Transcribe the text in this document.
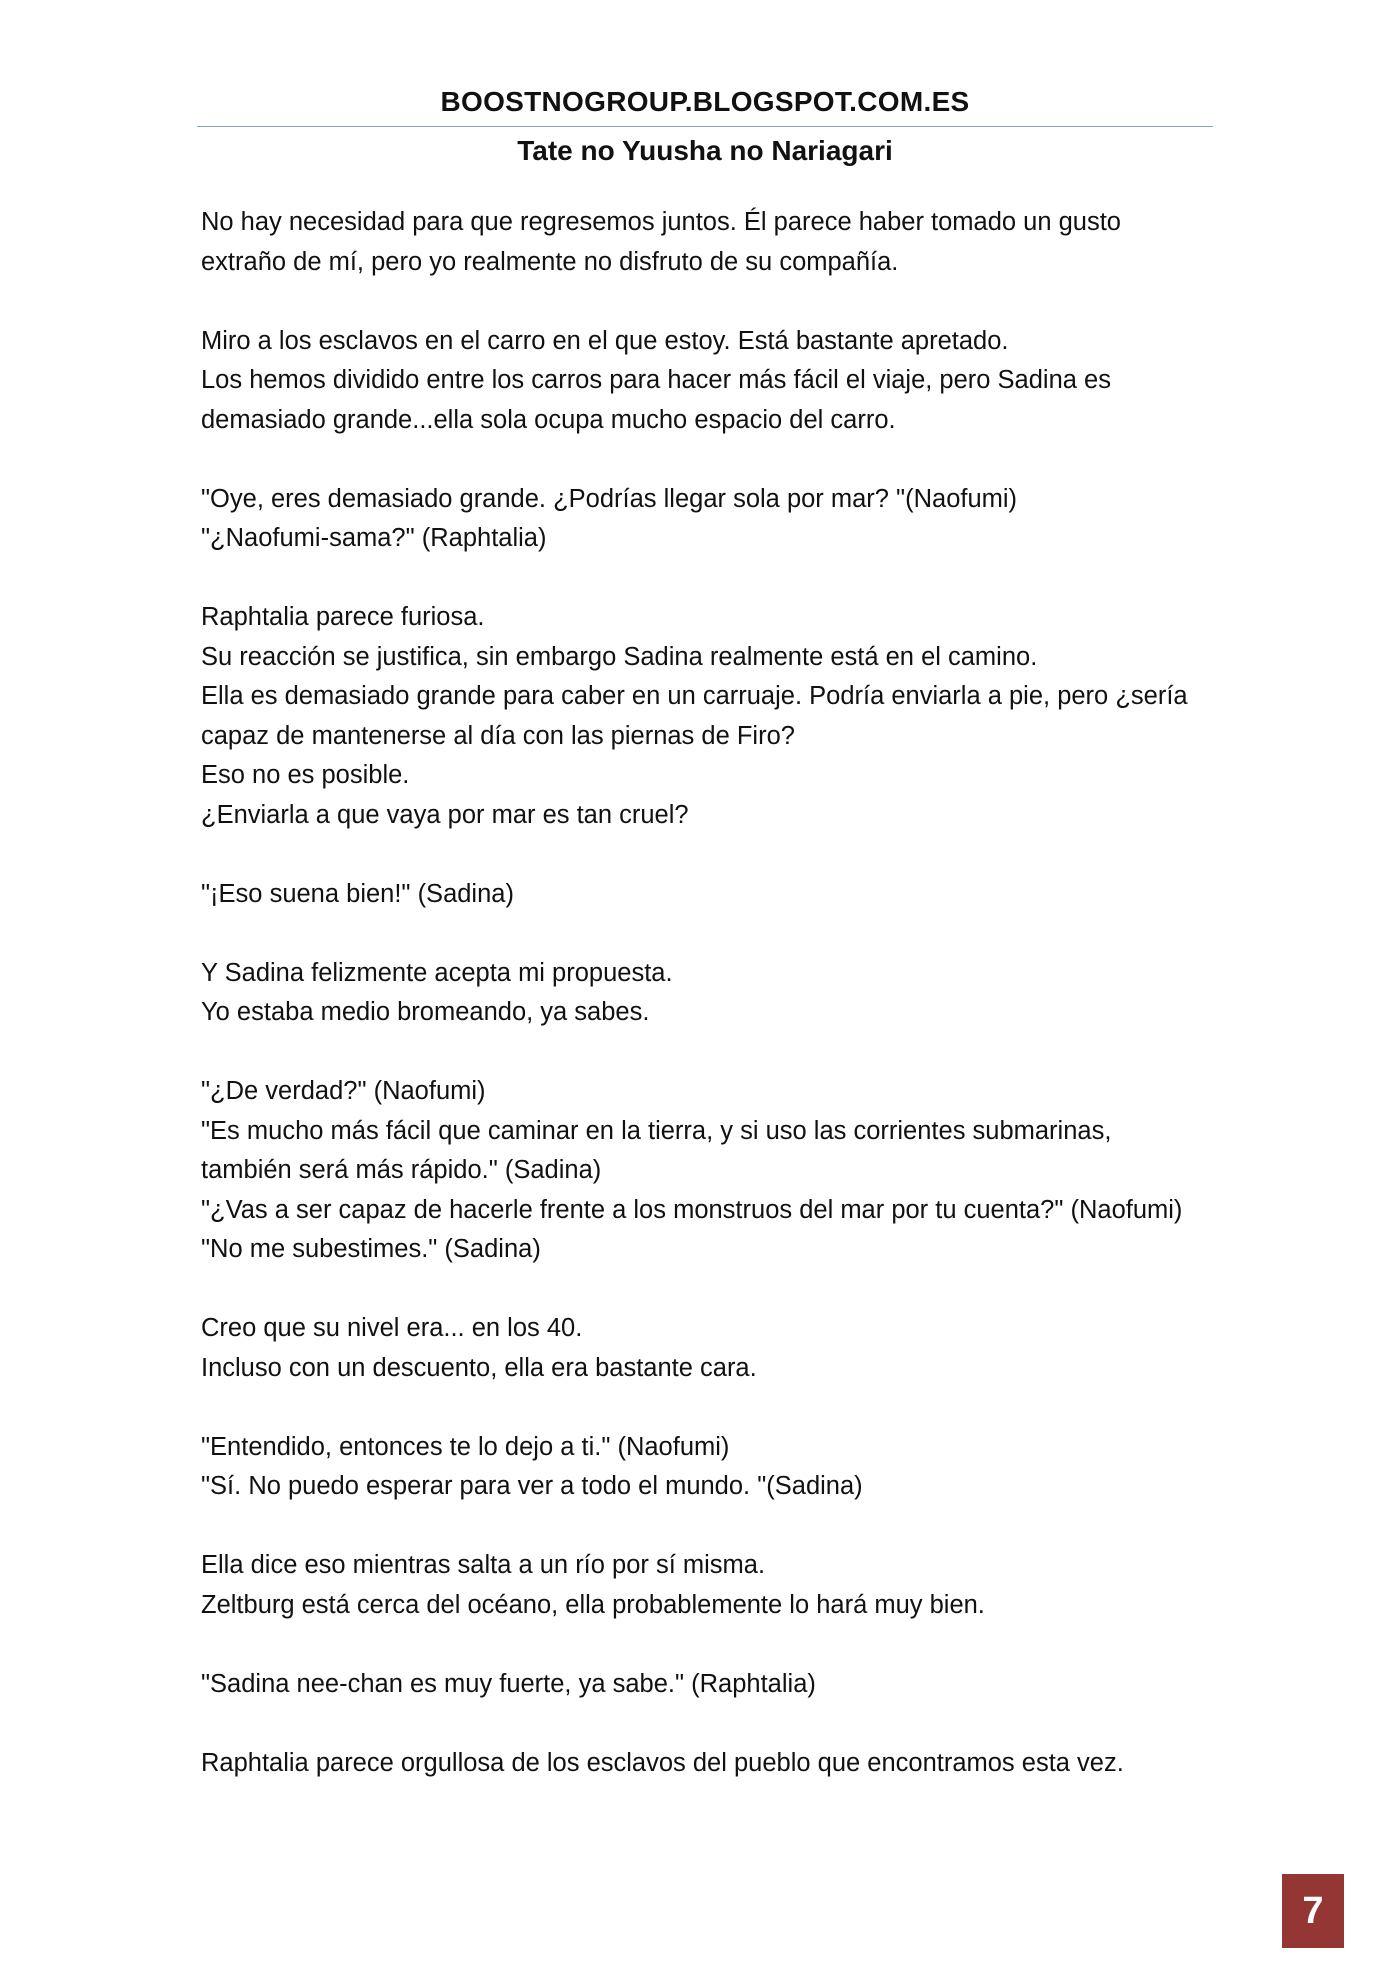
BOOSTNOGROUP.BLOGSPOT.COM.ES
Tate no Yuusha no Nariagari

No hay necesidad para que regresemos juntos. Él parece haber tomado un gusto
extraño de mí, pero yo realmente no disfruto de su compañía.

Miro a los esclavos en el carro en el que estoy. Está bastante apretado.
Los hemos dividido entre los carros para hacer más fácil el viaje, pero Sadina es
demasiado grande...ella sola ocupa mucho espacio del carro.

"Oye, eres demasiado grande. ¿Podrías llegar sola por mar? "(Naofumi)
"¿Naofumi-sama?" (Raphtalia)

Raphtalia parece furiosa.
Su reacción se justifica, sin embargo Sadina realmente está en el camino.
Ella es demasiado grande para caber en un carruaje. Podría enviarla a pie, pero ¿sería
capaz de mantenerse al día con las piernas de Firo?
Eso no es posible.
¿Enviarla a que vaya por mar es tan cruel?

"¡Eso suena bien!" (Sadina)

Y Sadina felizmente acepta mi propuesta.
Yo estaba medio bromeando, ya sabes.

"¿De verdad?" (Naofumi)
"Es mucho más fácil que caminar en la tierra, y si uso las corrientes submarinas,
también será más rápido." (Sadina)
"¿Vas a ser capaz de hacerle frente a los monstruos del mar por tu cuenta?" (Naofumi)
"No me subestimes." (Sadina)

Creo que su nivel era... en los 40.
Incluso con un descuento, ella era bastante cara.

"Entendido, entonces te lo dejo a ti." (Naofumi)
"Sí. No puedo esperar para ver a todo el mundo. "(Sadina)

Ella dice eso mientras salta a un río por sí misma.
Zeltburg está cerca del océano, ella probablemente lo hará muy bien.

"Sadina nee-chan es muy fuerte, ya sabe." (Raphtalia)

Raphtalia parece orgullosa de los esclavos del pueblo que encontramos esta vez.

7
